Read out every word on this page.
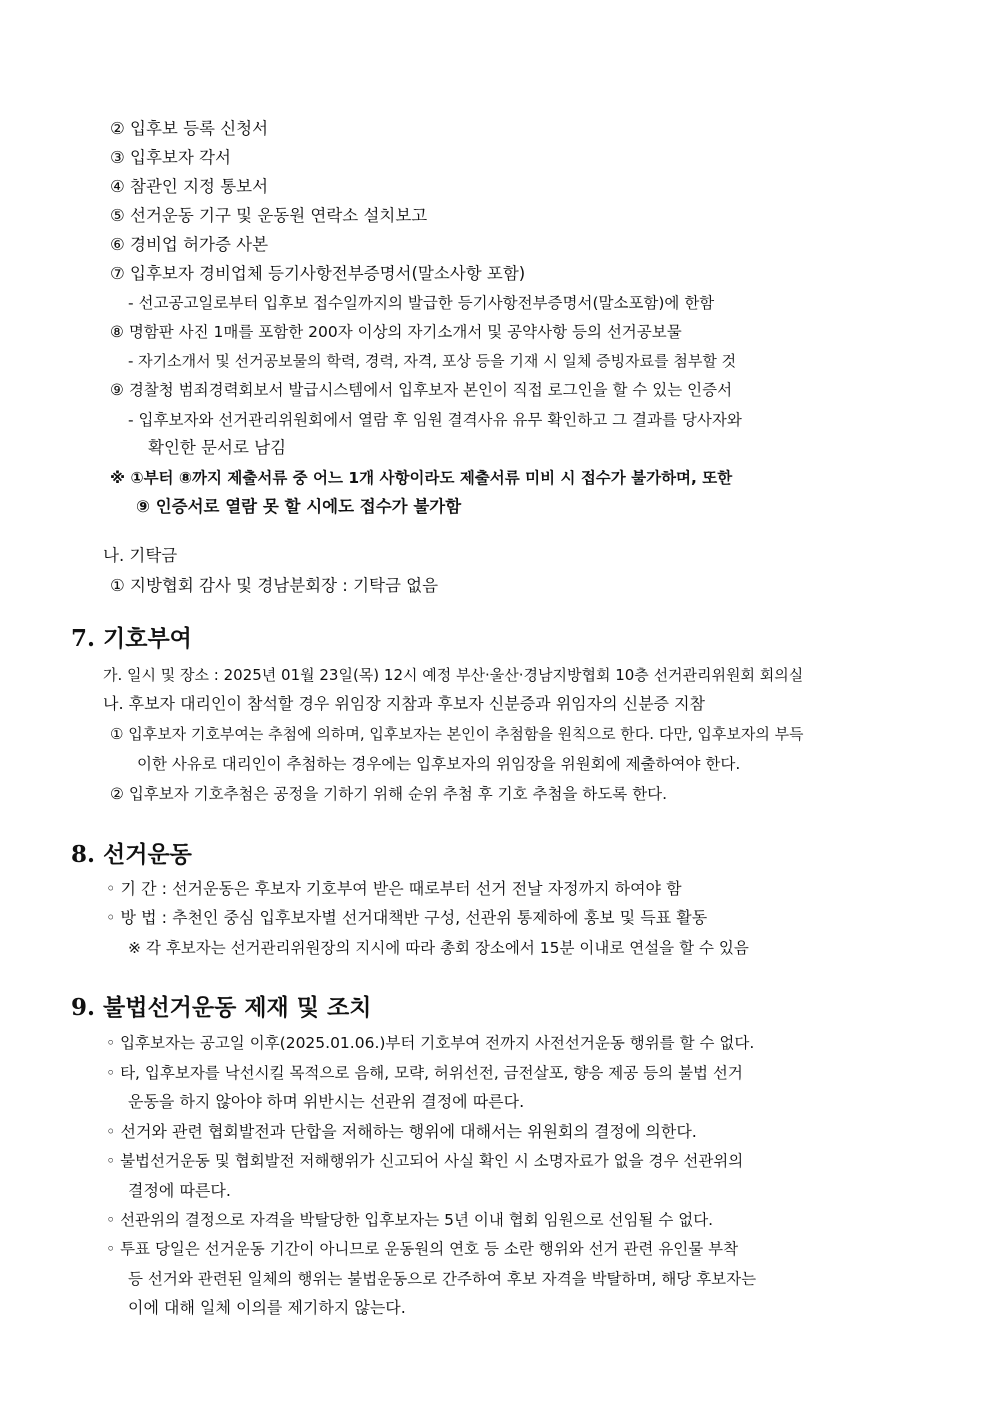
② 입후보 등록 신청서
③ 입후보자 각서
④ 참관인 지정 통보서
⑤ 선거운동 기구 및 운동원 연락소 설치보고
⑥ 경비업 허가증 사본
⑦ 입후보자 경비업체 등기사항전부증명서(말소사항 포함)
- 선고공고일로부터 입후보 접수일까지의 발급한 등기사항전부증명서(말소포함)에 한함
⑧ 명함판 사진 1매를 포함한 200자 이상의 자기소개서 및 공약사항 등의 선거공보물
- 자기소개서 및 선거공보물의 학력, 경력, 자격, 포상 등을 기재 시 일체 증빙자료를 첨부할 것
⑨ 경찰청 범죄경력회보서 발급시스템에서 입후보자 본인이 직접 로그인을 할 수 있는 인증서
- 입후보자와 선거관리위원회에서 열람 후 임원 결격사유 유무 확인하고 그 결과를 당사자와
확인한 문서로 남김
※ ①부터 ⑧까지 제출서류 중 어느 1개 사항이라도 제출서류 미비 시 접수가 불가하며, 또한
⑨ 인증서로 열람 못 할 시에도 접수가 불가함
나. 기탁금
① 지방협회 감사 및 경남분회장 : 기탁금 없음
7. 기호부여
가. 일시 및 장소 : 2025년 01월 23일(목) 12시 예정 부산·울산·경남지방협회 10층 선거관리위원회 회의실
나. 후보자 대리인이 참석할 경우 위임장 지참과 후보자 신분증과 위임자의 신분증 지참
① 입후보자 기호부여는 추첨에 의하며, 입후보자는 본인이 추첨함을 원칙으로 한다. 다만, 입후보자의 부득
이한 사유로 대리인이 추첨하는 경우에는 입후보자의 위임장을 위원회에 제출하여야 한다.
② 입후보자 기호추첨은 공정을 기하기 위해 순위 추첨 후 기호 추첨을 하도록 한다.
8. 선거운동
◦ 기 간 : 선거운동은 후보자 기호부여 받은 때로부터 선거 전날 자정까지 하여야 함
◦ 방 법 : 추천인 중심 입후보자별 선거대책반 구성, 선관위 통제하에 홍보 및 득표 활동
※ 각 후보자는 선거관리위원장의 지시에 따라 총회 장소에서 15분 이내로 연설을 할 수 있음
9. 불법선거운동 제재 및 조치
◦ 입후보자는 공고일 이후(2025.01.06.)부터 기호부여 전까지 사전선거운동 행위를 할 수 없다.
◦ 타, 입후보자를 낙선시킬 목적으로 음해, 모략, 허위선전, 금전살포, 향응 제공 등의 불법 선거
운동을 하지 않아야 하며 위반시는 선관위 결정에 따른다.
◦ 선거와 관련 협회발전과 단합을 저해하는 행위에 대해서는 위원회의 결정에 의한다.
◦ 불법선거운동 및 협회발전 저해행위가 신고되어 사실 확인 시 소명자료가 없을 경우 선관위의
결정에 따른다.
◦ 선관위의 결정으로 자격을 박탈당한 입후보자는 5년 이내 협회 임원으로 선임될 수 없다.
◦ 투표 당일은 선거운동 기간이 아니므로 운동원의 연호 등 소란 행위와 선거 관련 유인물 부착
등 선거와 관련된 일체의 행위는 불법운동으로 간주하여 후보 자격을 박탈하며, 해당 후보자는
이에 대해 일체 이의를 제기하지 않는다.
